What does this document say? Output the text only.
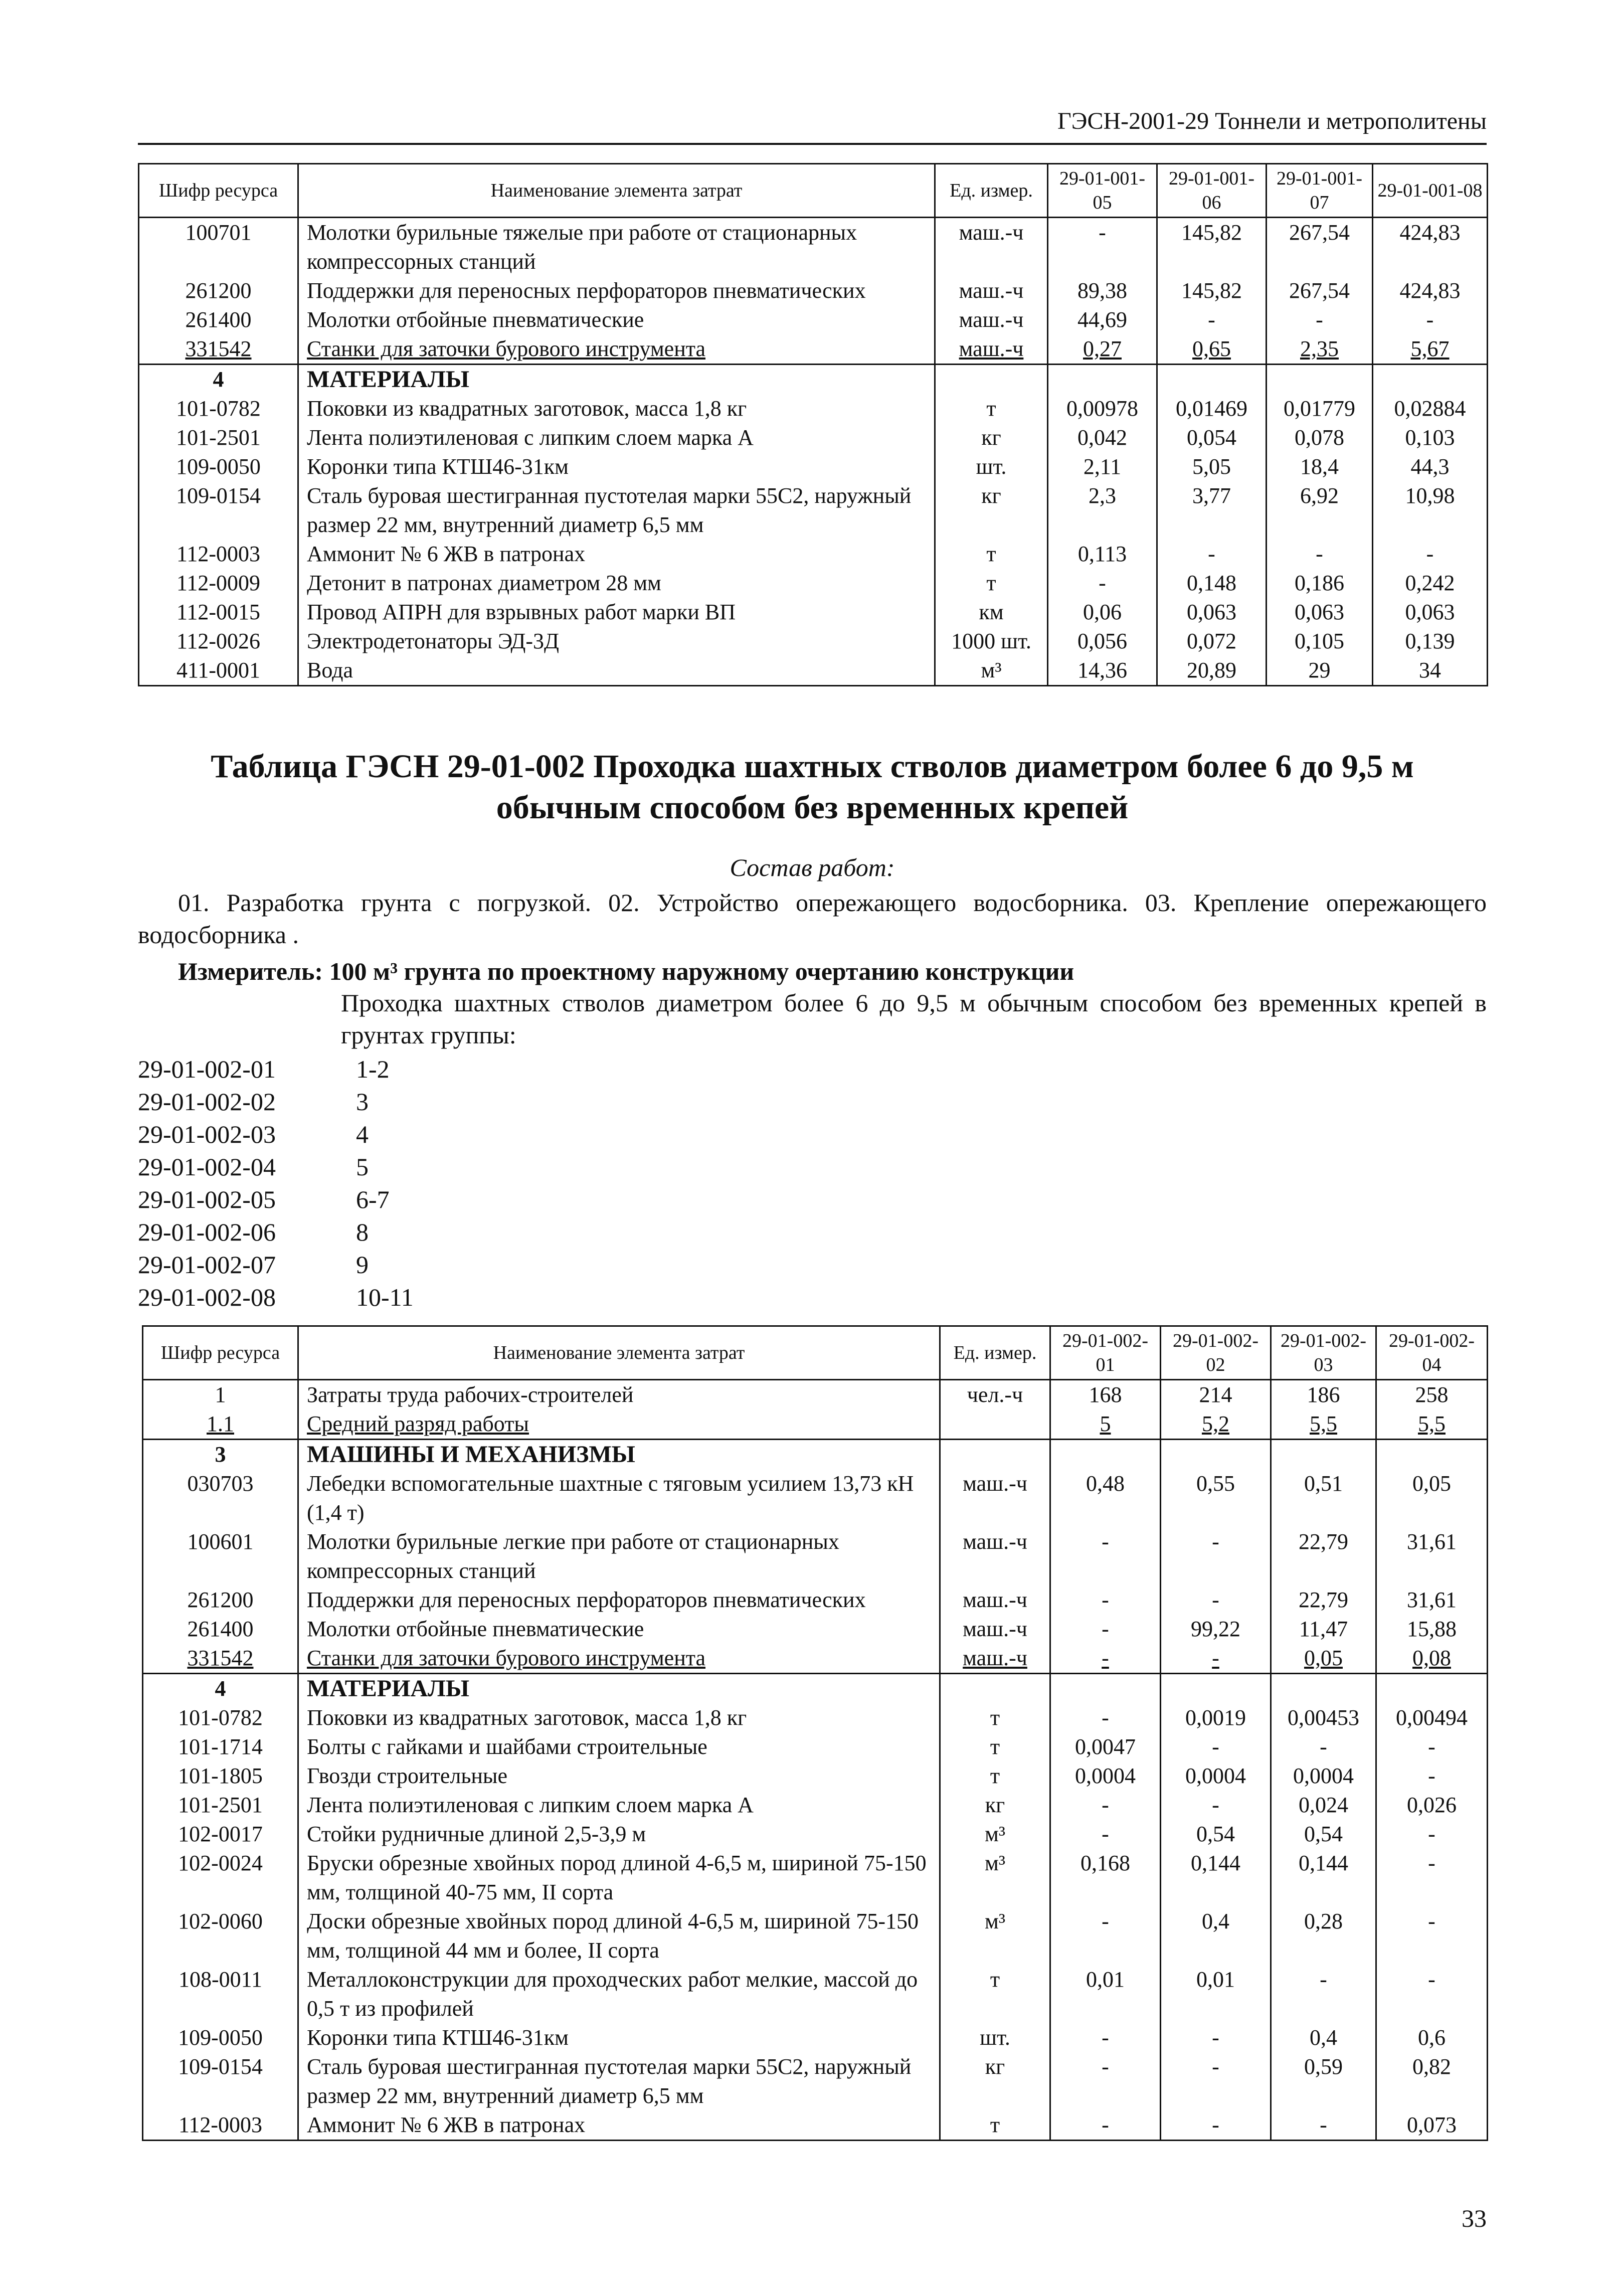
ГЭСН-2001-29 Тоннели и метрополитены
Шифр ресурса	Наименование элемента затрат	Ед. измер.	29-01-001-05	29-01-001-06	29-01-001-07	29-01-001-08
100701	Молотки бурильные тяжелые при работе от стационарных компрессорных станций	маш.-ч	-	145,82	267,54	424,83
261200	Поддержки для переносных перфораторов пневматических	маш.-ч	89,38	145,82	267,54	424,83
261400	Молотки отбойные пневматические	маш.-ч	44,69	-	-	-
331542	Станки для заточки бурового инструмента	маш.-ч	0,27	0,65	2,35	5,67
4	МАТЕРИАЛЫ					
101-0782	Поковки из квадратных заготовок, масса 1,8 кг	т	0,00978	0,01469	0,01779	0,02884
101-2501	Лента полиэтиленовая с липким слоем марка А	кг	0,042	0,054	0,078	0,103
109-0050	Коронки типа КТШ46-31км	шт.	2,11	5,05	18,4	44,3
109-0154	Сталь буровая шестигранная пустотелая марки 55С2, наружный размер 22 мм, внутренний диаметр 6,5 мм	кг	2,3	3,77	6,92	10,98
112-0003	Аммонит № 6 ЖВ в патронах	т	0,113	-	-	-
112-0009	Детонит в патронах диаметром 28 мм	т	-	0,148	0,186	0,242
112-0015	Провод АПРН для взрывных работ марки ВП	км	0,06	0,063	0,063	0,063
112-0026	Электродетонаторы ЭД-3Д	1000 шт.	0,056	0,072	0,105	0,139
411-0001	Вода	м³	14,36	20,89	29	34
Таблица ГЭСН 29-01-002 Проходка шахтных стволов диаметром более 6 до 9,5 м обычным способом без временных крепей
Состав работ:
01. Разработка грунта с погрузкой. 02. Устройство опережающего водосборника. 03. Крепление опережающего водосборника .
Измеритель: 100 м³ грунта по проектному наружному очертанию конструкции
Проходка шахтных стволов диаметром более 6 до 9,5 м обычным способом без временных крепей в грунтах группы:
29-01-002-01	1-2
29-01-002-02	3
29-01-002-03	4
29-01-002-04	5
29-01-002-05	6-7
29-01-002-06	8
29-01-002-07	9
29-01-002-08	10-11
Шифр ресурса	Наименование элемента затрат	Ед. измер.	29-01-002-01	29-01-002-02	29-01-002-03	29-01-002-04
1	Затраты труда рабочих-строителей	чел.-ч	168	214	186	258
1.1	Средний разряд работы		5	5,2	5,5	5,5
3	МАШИНЫ И МЕХАНИЗМЫ					
030703	Лебедки вспомогательные шахтные с тяговым усилием 13,73 кН (1,4 т)	маш.-ч	0,48	0,55	0,51	0,05
100601	Молотки бурильные легкие при работе от стационарных компрессорных станций	маш.-ч	-	-	22,79	31,61
261200	Поддержки для переносных перфораторов пневматических	маш.-ч	-	-	22,79	31,61
261400	Молотки отбойные пневматические	маш.-ч	-	99,22	11,47	15,88
331542	Станки для заточки бурового инструмента	маш.-ч	-	-	0,05	0,08
4	МАТЕРИАЛЫ					
101-0782	Поковки из квадратных заготовок, масса 1,8 кг	т	-	0,0019	0,00453	0,00494
101-1714	Болты с гайками и шайбами строительные	т	0,0047	-	-	-
101-1805	Гвозди строительные	т	0,0004	0,0004	0,0004	-
101-2501	Лента полиэтиленовая с липким слоем марка А	кг	-	-	0,024	0,026
102-0017	Стойки рудничные длиной 2,5-3,9 м	м³	-	0,54	0,54	-
102-0024	Бруски обрезные хвойных пород длиной 4-6,5 м, шириной 75-150 мм, толщиной 40-75 мм, II сорта	м³	0,168	0,144	0,144	-
102-0060	Доски обрезные хвойных пород длиной 4-6,5 м, шириной 75-150 мм, толщиной 44 мм и более, II сорта	м³	-	0,4	0,28	-
108-0011	Металлоконструкции для проходческих работ мелкие, массой до 0,5 т из профилей	т	0,01	0,01	-	-
109-0050	Коронки типа КТШ46-31км	шт.	-	-	0,4	0,6
109-0154	Сталь буровая шестигранная пустотелая марки 55С2, наружный размер 22 мм, внутренний диаметр 6,5 мм	кг	-	-	0,59	0,82
112-0003	Аммонит № 6 ЖВ в патронах	т	-	-	-	0,073
33
